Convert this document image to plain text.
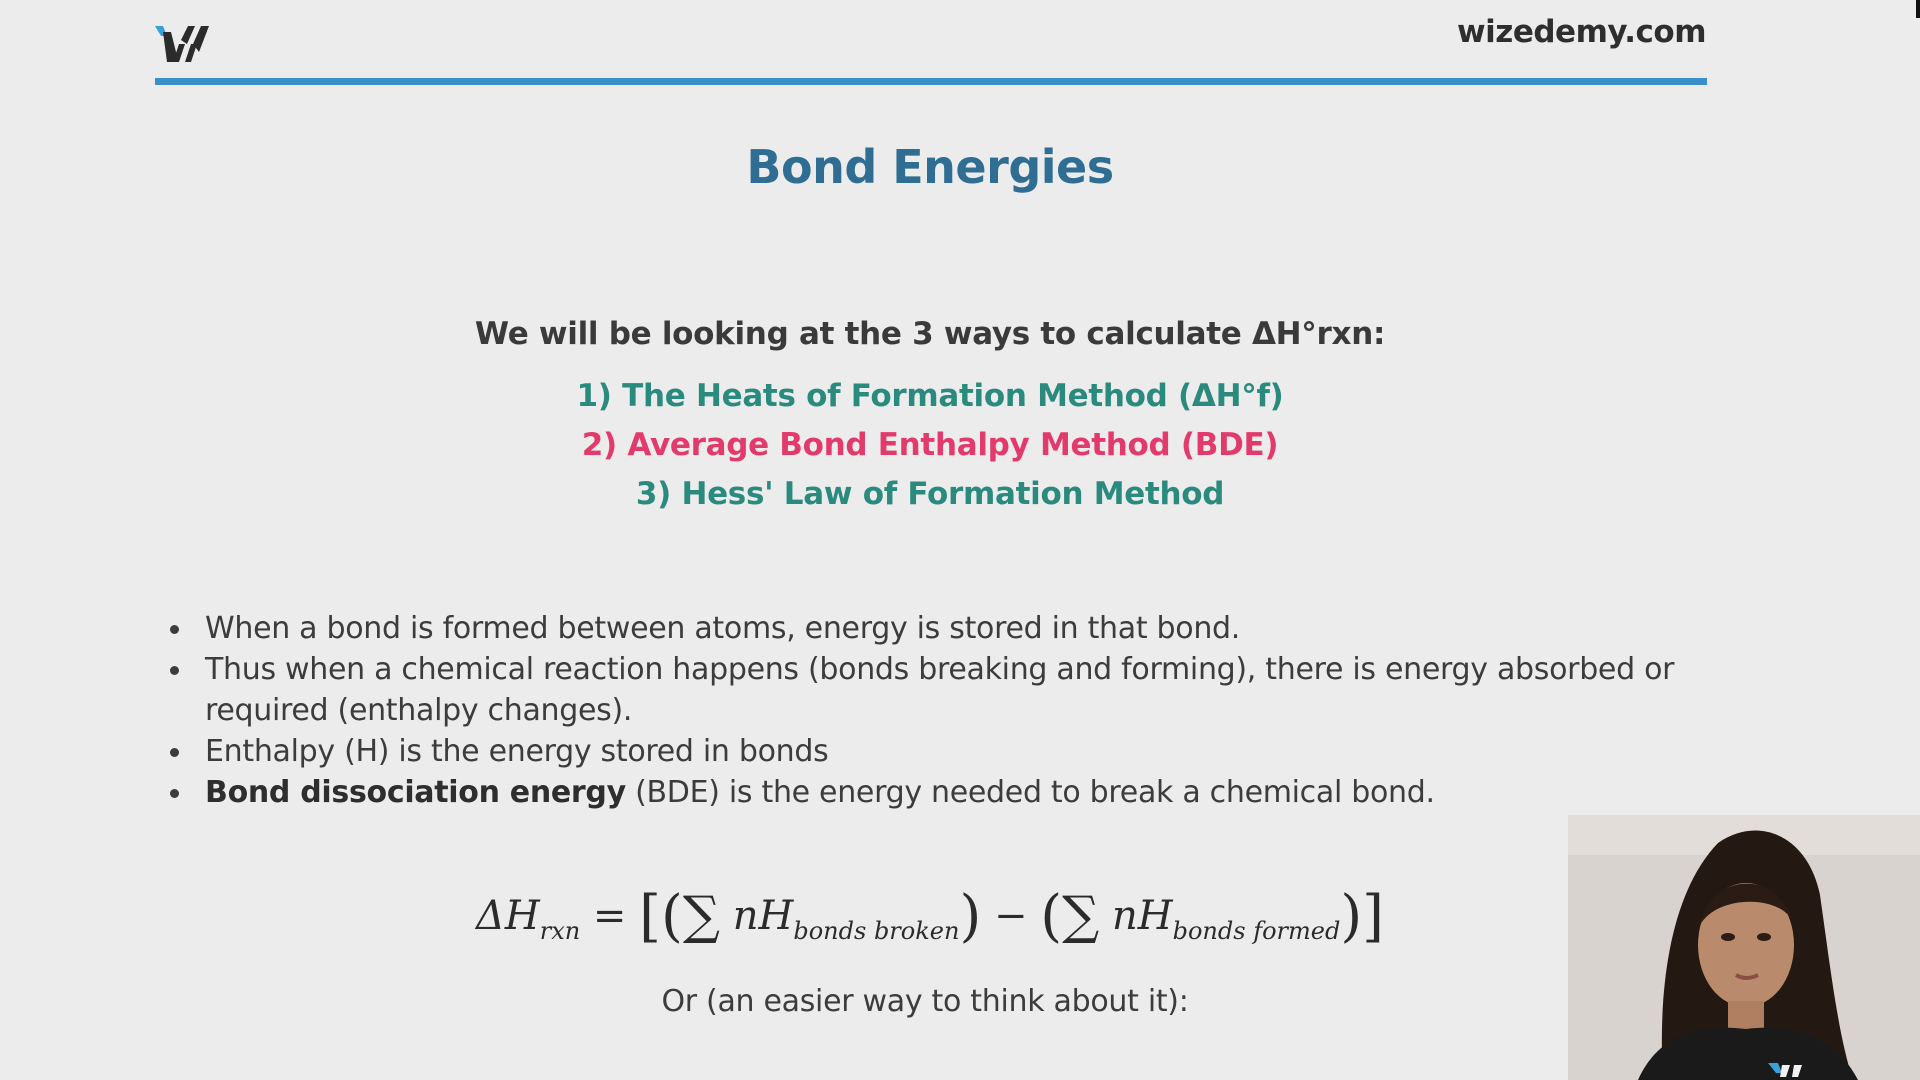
wizedemy.com
Bond Energies
We will be looking at the 3 ways to calculate ΔH°rxn:
1) The Heats of Formation Method (ΔH°f)
2) Average Bond Enthalpy Method (BDE)
3) Hess' Law of Formation Method
When a bond is formed between atoms, energy is stored in that bond.
Thus when a chemical reaction happens (bonds breaking and forming), there is energy absorbed or required (enthalpy changes).
Enthalpy (H) is the energy stored in bonds
Bond dissociation energy (BDE) is the energy needed to break a chemical bond.
$\Delta H_{rxn}$ = [(∑ $nH_{bonds broken}$) − (∑ $nH_{bonds formed}$)]
Or (an easier way to think about it):
